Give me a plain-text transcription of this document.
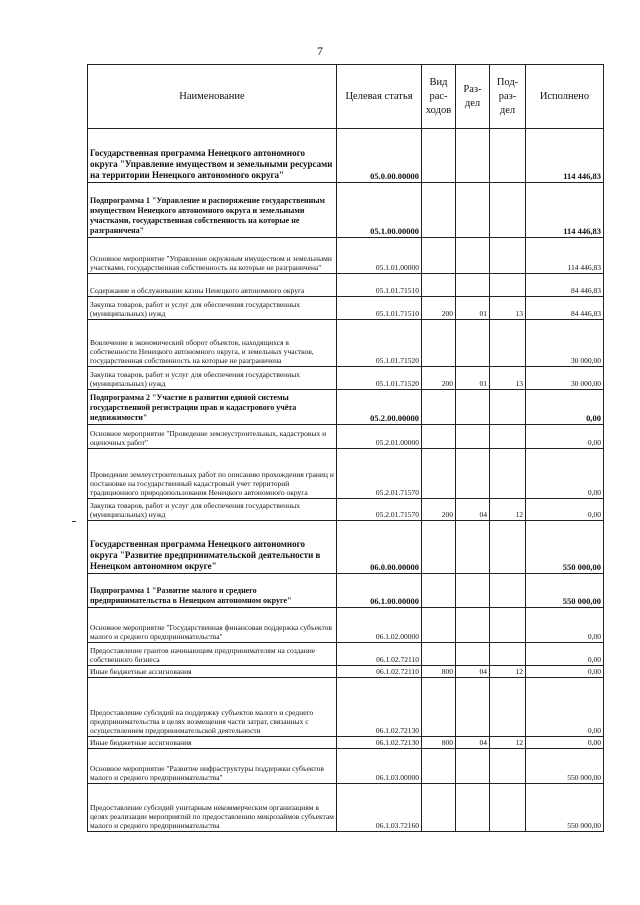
7
Наименование	Целевая статья	Вид рас-ходов	Раз-дел	Под-раз-дел	Исполнено
Государственная программа Ненецкого автономного округа "Управление имуществом и земельными ресурсами на территории Ненецкого автономного округа"	05.0.00.00000				114 446,83
Подпрограмма 1 "Управление и распоряжение государственным имуществом Ненецкого автономного округа и земельными участками, государственная собственность на которые не разграничена"	05.1.00.00000				114 446,83
Основное мероприятие "Управление окружным имуществом и земельными участками, государственная собственность на которые не разграничена"	05.1.01.00000				114 446,83
Содержание и обслуживание казны Ненецкого автономного округа	05.1.01.71510				84 446,83
Закупка товаров, работ и услуг для обеспечения государственных (муниципальных) нужд	05.1.01.71510	200	01	13	84 446,83
Вовлечение в экономический оборот объектов, находящихся в собственности Ненецкого автономного округа, и земельных участков, государственная собственность на которые не разграничена	05.1.01.71520				30 000,00
Закупка товаров, работ и услуг для обеспечения государственных (муниципальных) нужд	05.1.01.71520	200	01	13	30 000,00
Подпрограмма 2 "Участие в развитии единой системы государственной регистрации прав и кадастрового учёта недвижимости"	05.2.00.00000				0,00
Основное мероприятие "Проведение землеустроительных, кадастровых и оценочных работ"	05.2.01.00000				0,00
Проведение землеустроительных работ по описанию прохождения границ и постановке на государственный кадастровый учет территорий традиционного природопользования Ненецкого автономного округа	05.2.01.71570				0,00
Закупка товаров, работ и услуг для обеспечения государственных (муниципальных) нужд	05.2.01.71570	200	04	12	0,00
Государственная программа Ненецкого автономного округа "Развитие предпринимательской деятельности в Ненецком автономном округе"	06.0.00.00000				550 000,00
Подпрограмма 1 "Развитие малого и среднего предпринимательства в Ненецком автономном округе"	06.1.00.00000				550 000,00
Основное мероприятие "Государственная финансовая поддержка субъектов малого и среднего предпринимательства"	06.1.02.00000				0,00
Предоставление грантов начинающим предпринимателям на создание собственного бизнеса	06.1.02.72110				0,00
Иные бюджетные ассигнования	06.1.02.72110	800	04	12	0,00
Предоставление субсидий на поддержку субъектов малого и среднего предпринимательства в целях возмещения части затрат, связанных с осуществлением предпринимательской деятельности	06.1.02.72130				0,00
Иные бюджетные ассигнования	06.1.02.72130	800	04	12	0,00
Основное мероприятие "Развитие инфраструктуры поддержки субъектов малого и среднего предпринимательства"	06.1.03.00000				550 000,00
Предоставление субсидий унитарным некоммерческим организациям в целях реализации мероприятий по предоставлению микрозаймов субъектам малого и среднего предпринимательства	06.1.03.72160				550 000,00
